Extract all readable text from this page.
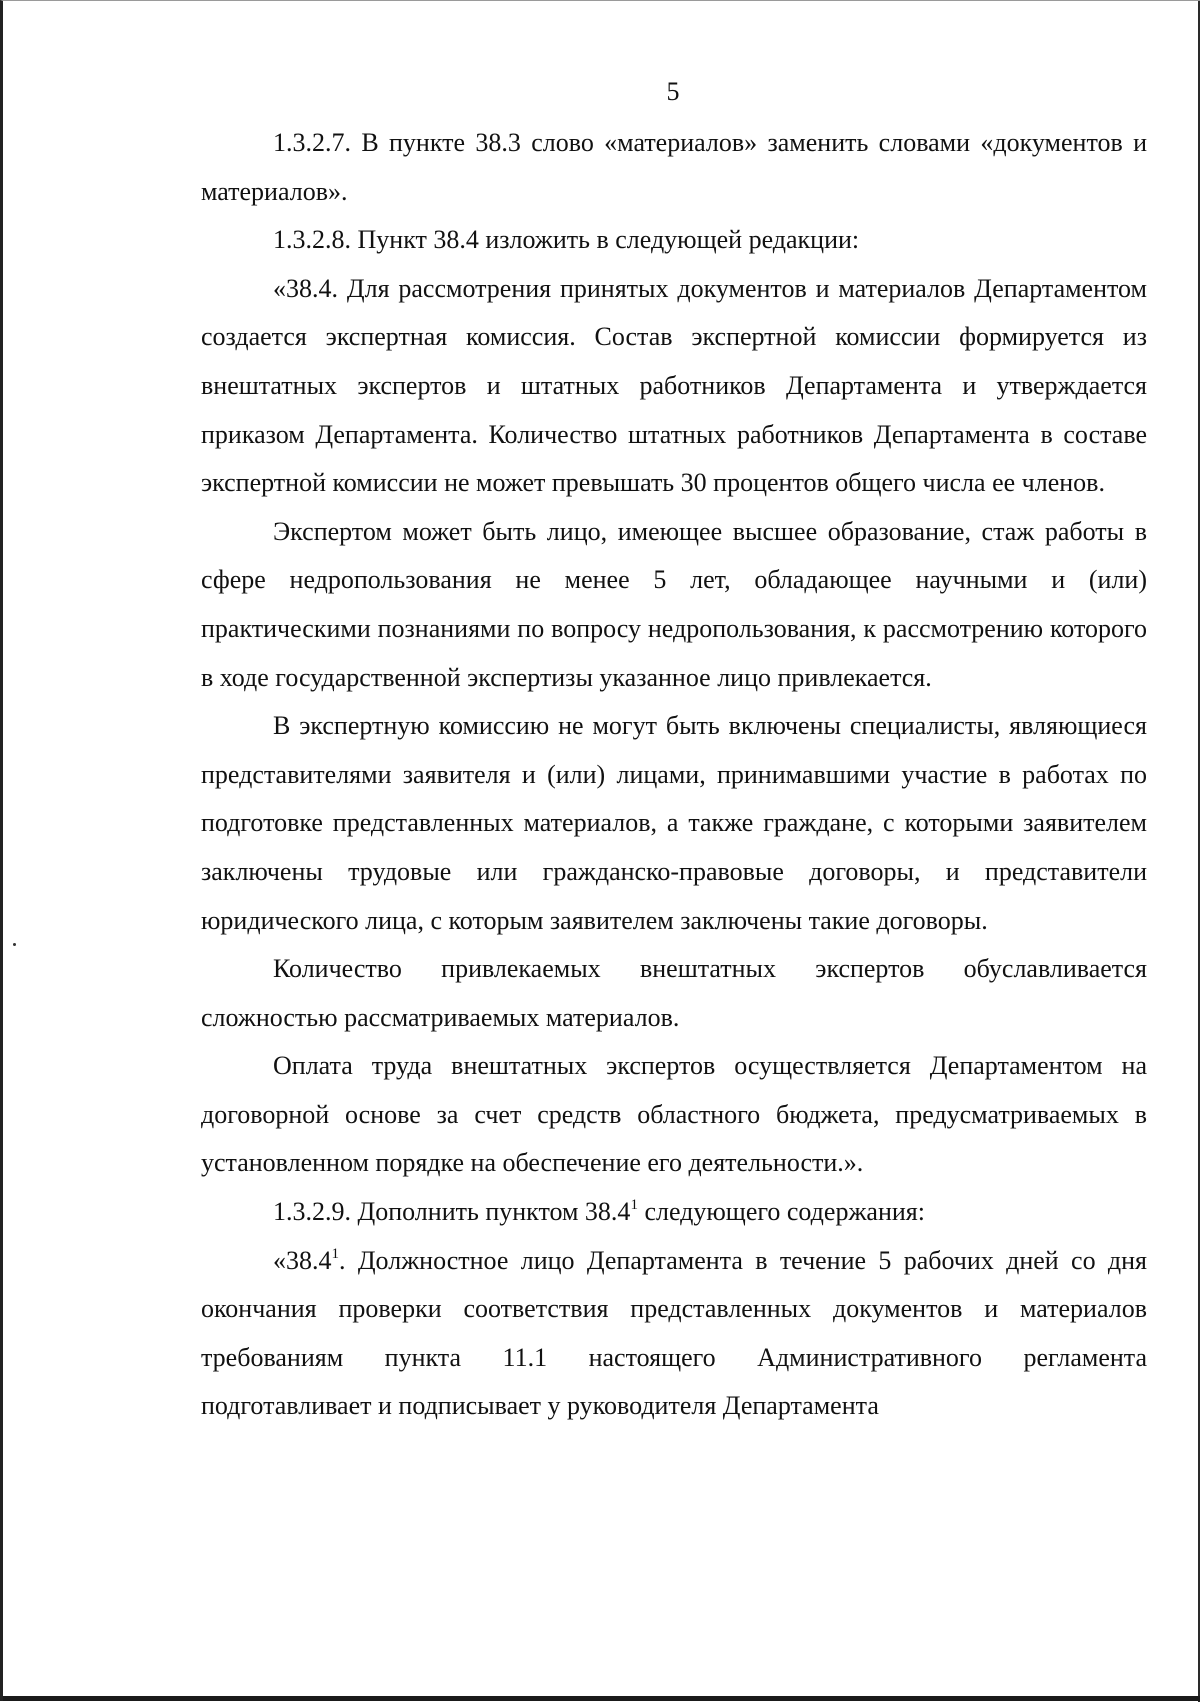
5

1.3.2.7. В пункте 38.3 слово «материалов» заменить словами «документов и материалов».

1.3.2.8. Пункт 38.4 изложить в следующей редакции:

«38.4. Для рассмотрения принятых документов и материалов Департаментом создается экспертная комиссия. Состав экспертной комиссии формируется из внештатных экспертов и штатных работников Департамента и утверждается приказом Департамента. Количество штатных работников Департамента в составе экспертной комиссии не может превышать 30 процентов общего числа ее членов.

Экспертом может быть лицо, имеющее высшее образование, стаж работы в сфере недропользования не менее 5 лет, обладающее научными и (или) практическими познаниями по вопросу недропользования, к рассмотрению которого в ходе государственной экспертизы указанное лицо привлекается.

В экспертную комиссию не могут быть включены специалисты, являющиеся представителями заявителя и (или) лицами, принимавшими участие в работах по подготовке представленных материалов, а также граждане, с которыми заявителем заключены трудовые или гражданско-правовые договоры, и представители юридического лица, с которым заявителем заключены такие договоры.

Количество привлекаемых внештатных экспертов обуславливается сложностью рассматриваемых материалов.

Оплата труда внештатных экспертов осуществляется Департаментом на договорной основе за счет средств областного бюджета, предусматриваемых в установленном порядке на обеспечение его деятельности.».

1.3.2.9. Дополнить пунктом 38.4$^1$ следующего содержания:

«38.4$^1$. Должностное лицо Департамента в течение 5 рабочих дней со дня окончания проверки соответствия представленных документов и материалов требованиям пункта 11.1 настоящего Административного регламента подготавливает и подписывает у руководителя Департамента
